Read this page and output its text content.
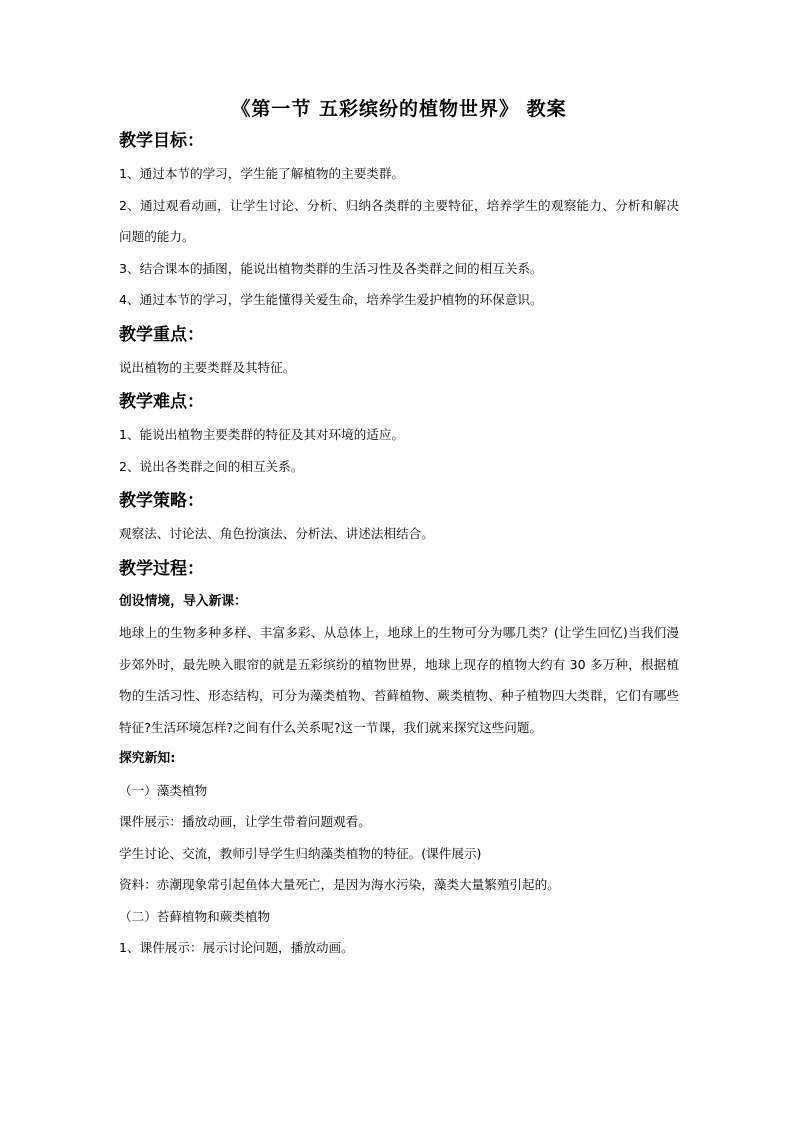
《第一节 五彩缤纷的植物世界》 教案
教学目标：

1、通过本节的学习，学生能了解植物的主要类群。

2、通过观看动画，让学生讨论、分析、归纳各类群的主要特征，培养学生的观察能力、分析和解决问题的能力。

3、结合课本的插图，能说出植物类群的生活习性及各类群之间的相互关系。

4、通过本节的学习，学生能懂得关爱生命，培养学生爱护植物的环保意识。

教学重点：

说出植物的主要类群及其特征。

教学难点：

1、能说出植物主要类群的特征及其对环境的适应。

2、说出各类群之间的相互关系。

教学策略：

观察法、讨论法、角色扮演法、分析法、讲述法相结合。

教学过程：

创设情境，导入新课：

地球上的生物多种多样、丰富多彩、从总体上，地球上的生物可分为哪几类？(让学生回忆)当我们漫步郊外时，最先映入眼帘的就是五彩缤纷的植物世界，地球上现存的植物大约有 30 多万种，根据植物的生活习性、形态结构，可分为藻类植物、苔藓植物、蕨类植物、种子植物四大类群，它们有哪些特征?生活环境怎样?之间有什么关系呢?这一节课，我们就来探究这些问题。

探究新知:

（一）藻类植物

课件展示：播放动画，让学生带着问题观看。

学生讨论、交流，教师引导学生归纳藻类植物的特征。(课件展示)

资料：赤潮现象常引起鱼体大量死亡，是因为海水污染，藻类大量繁殖引起的。

（二）苔藓植物和蕨类植物

1、课件展示：展示讨论问题，播放动画。
